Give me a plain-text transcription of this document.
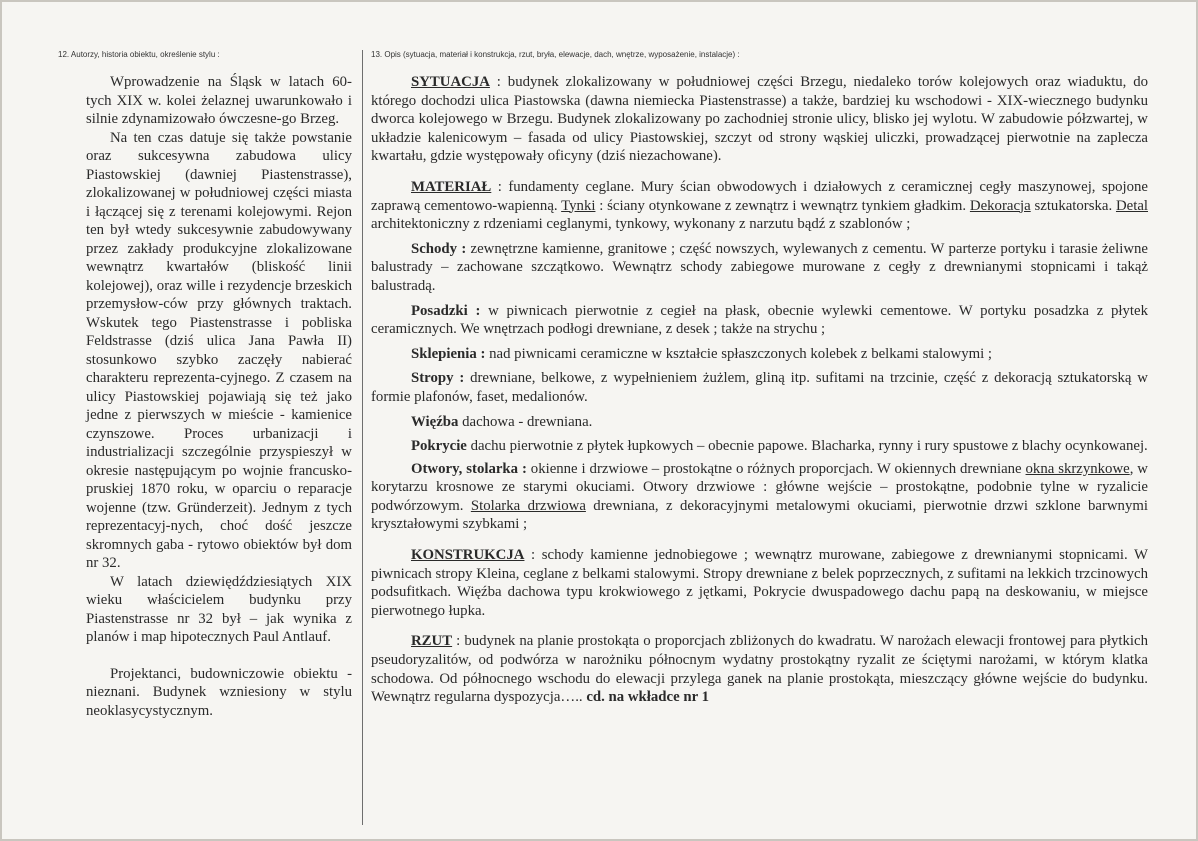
12. Autorzy, historia obiektu, określenie stylu :

Wprowadzenie na Śląsk w latach 60-tych XIX w. kolei żelaznej uwarunkowało i silnie zdynamizowało ówczesne-go Brzeg.

Na ten czas datuje się także powstanie oraz sukcesywna zabudowa ulicy Piastowskiej (dawniej Piastenstrasse), zlokalizowanej w południowej części miasta i łączącej się z terenami kolejowymi. Rejon ten był wtedy sukcesywnie zabudowywany przez zakłady produkcyjne zlokalizowane wewnątrz kwartałów (bliskość linii kolejowej), oraz wille i rezydencje brzeskich przemysłow-ców przy głównych traktach. Wskutek tego Piastenstrasse i pobliska Feldstrasse (dziś ulica Jana Pawła II) stosunkowo szybko zaczęły nabierać charakteru reprezenta-cyjnego. Z czasem na ulicy Piastowskiej pojawiają się też jako jedne z pierwszych w mieście - kamienice czynszowe. Proces urbanizacji i industrializacji szczególnie przyspieszył w okresie następującym po wojnie francusko-pruskiej 1870 roku, w oparciu o reparacje wojenne (tzw. Gründerzeit). Jednym z tych reprezentacyj-nych, choć dość jeszcze skromnych gaba - rytowo obiektów był dom nr 32.

W latach dziewiędździesiątych XIX wieku właścicielem budynku przy Piastenstrasse nr 32 był – jak wynika z planów i map hipotecznych Paul Antlauf.

Projektanci, budowniczowie obiektu - nieznani. Budynek wzniesiony w stylu neoklasycystycznym.

13. Opis (sytuacja, materiał i konstrukcja, rzut, bryła, elewacje, dach, wnętrze, wyposażenie, instalacje) :

SYTUACJA : budynek zlokalizowany w południowej części Brzegu, niedaleko torów kolejowych oraz wiaduktu, do którego dochodzi ulica Piastowska (dawna niemiecka Piastenstrasse) a także, bardziej ku wschodowi - XIX-wiecznego budynku dworca kolejowego w Brzegu. Budynek zlokalizowany po zachodniej stronie ulicy, blisko jej wylotu. W zabudowie półzwartej, w układzie kalenicowym – fasada od ulicy Piastowskiej, szczyt od strony wąskiej uliczki, prowadzącej pierwotnie na zaplecza kwartału, gdzie występowały oficyny (dziś niezachowane).

MATERIAŁ : fundamenty ceglane. Mury ścian obwodowych i działowych z ceramicznej cegły maszynowej, spojone zaprawą cementowo-wapienną. Tynki : ściany otynkowane z zewnątrz i wewnątrz tynkiem gładkim. Dekoracja sztukatorska. Detal architektoniczny z rdzeniami ceglanymi, tynkowy, wykonany z narzutu bądź z szablonów ;

Schody : zewnętrzne kamienne, granitowe ; część nowszych, wylewanych z cementu. W parterze portyku i tarasie żeliwne balustrady – zachowane szczątkowo. Wewnątrz schody zabiegowe murowane z cegły z drewnianymi stopnicami i takąż balustradą.

Posadzki : w piwnicach pierwotnie z cegieł na płask, obecnie wylewki cementowe. W portyku posadzka z płytek ceramicznych. We wnętrzach podłogi drewniane, z desek ; także na strychu ;

Sklepienia : nad piwnicami ceramiczne w kształcie spłaszczonych kolebek z belkami stalowymi ;

Stropy : drewniane, belkowe, z wypełnieniem żużlem, gliną itp. sufitami na trzcinie, część z dekoracją sztukatorską w formie plafonów, faset, medalionów.

Więźba dachowa - drewniana.

Pokrycie dachu pierwotnie z płytek łupkowych – obecnie papowe. Blacharka, rynny i rury spustowe z blachy ocynkowanej.

Otwory, stolarka : okienne i drzwiowe – prostokątne o różnych proporcjach. W okiennych drewniane okna skrzynkowe, w korytarzu krosnowe ze starymi okuciami. Otwory drzwiowe : główne wejście – prostokątne, podobnie tylne w ryzalicie podwórzowym. Stolarka drzwiowa drewniana, z dekoracyjnymi metalowymi okuciami, pierwotnie drzwi szklone barwnymi kryształowymi szybkami ;

KONSTRUKCJA : schody kamienne jednobiegowe ; wewnątrz murowane, zabiegowe z drewnianymi stopnicami. W piwnicach stropy Kleina, ceglane z belkami stalowymi. Stropy drewniane z belek poprzecznych, z sufitami na lekkich trzcinowych podsufitkach. Więźba dachowa typu krokwiowego z jętkami, Pokrycie dwuspadowego dachu papą na deskowaniu, w miejsce pierwotnego łupka.

RZUT : budynek na planie prostokąta o proporcjach zbliżonych do kwadratu. W narożach elewacji frontowej para płytkich pseudoryzalitów, od podwórza w narożniku północnym wydatny prostokątny ryzalit ze ściętymi narożami, w którym klatka schodowa. Od północnego wschodu do elewacji przylega ganek na planie prostokąta, mieszczący główne wejście do budynku. Wewnątrz regularna dyspozycja….. cd. na wkładce nr 1
